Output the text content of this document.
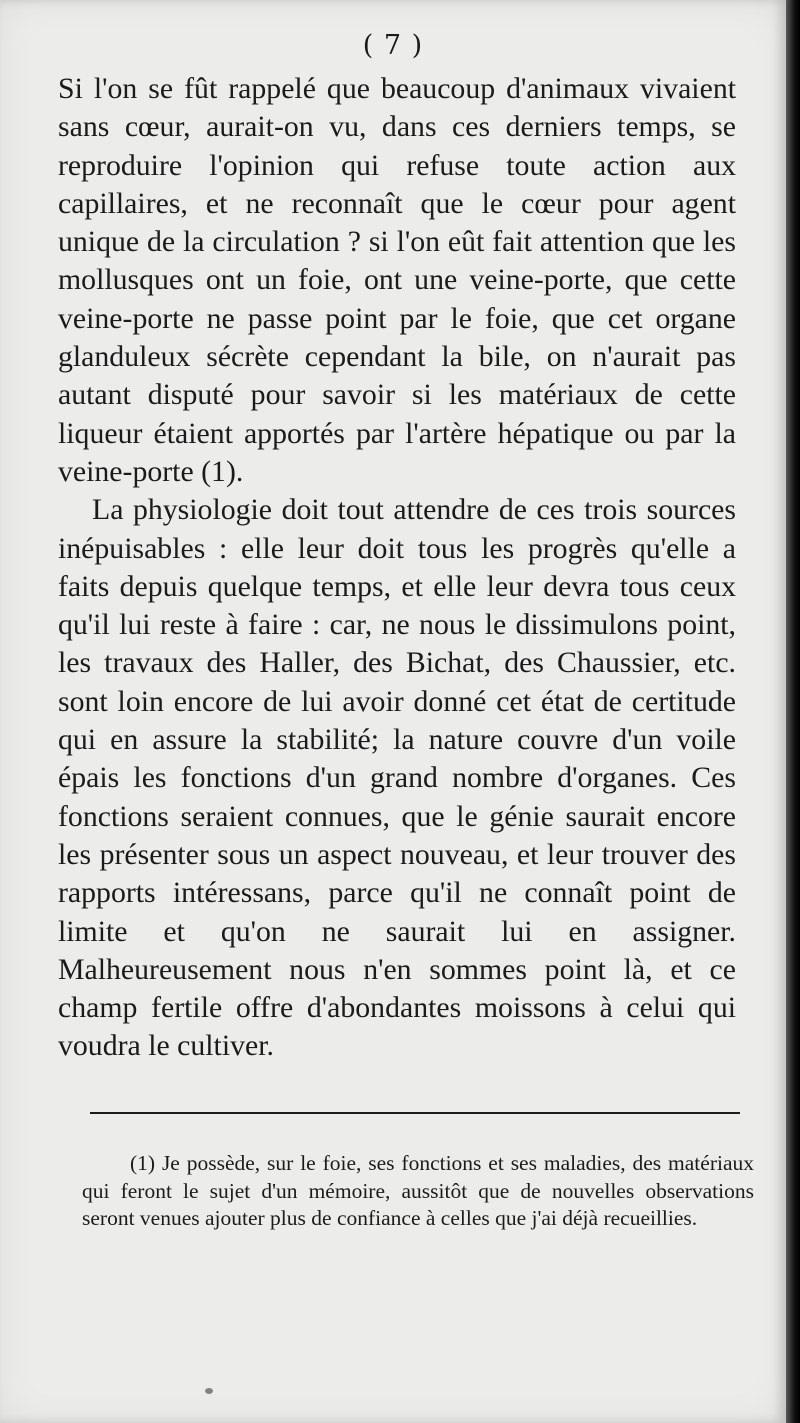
( 7 )

Si l'on se fût rappelé que beaucoup d'animaux vivaient sans cœur, aurait-on vu, dans ces derniers temps, se reproduire l'opinion qui refuse toute action aux capillaires, et ne reconnaît que le cœur pour agent unique de la circulation ? si l'on eût fait attention que les mollusques ont un foie, ont une veine-porte, que cette veine-porte ne passe point par le foie, que cet organe glanduleux sécrète cependant la bile, on n'aurait pas autant disputé pour savoir si les matériaux de cette liqueur étaient apportés par l'artère hépatique ou par la veine-porte (1).

La physiologie doit tout attendre de ces trois sources inépuisables : elle leur doit tous les progrès qu'elle a faits depuis quelque temps, et elle leur devra tous ceux qu'il lui reste à faire : car, ne nous le dissimulons point, les travaux des Haller, des Bichat, des Chaussier, etc. sont loin encore de lui avoir donné cet état de certitude qui en assure la stabilité; la nature couvre d'un voile épais les fonctions d'un grand nombre d'organes. Ces fonctions seraient connues, que le génie saurait encore les présenter sous un aspect nouveau, et leur trouver des rapports intéressans, parce qu'il ne connaît point de limite et qu'on ne saurait lui en assigner. Malheureusement nous n'en sommes point là, et ce champ fertile offre d'abondantes moissons à celui qui voudra le cultiver.

(1) Je possède, sur le foie, ses fonctions et ses maladies, des matériaux qui feront le sujet d'un mémoire, aussitôt que de nouvelles observations seront venues ajouter plus de confiance à celles que j'ai déjà recueillies.
